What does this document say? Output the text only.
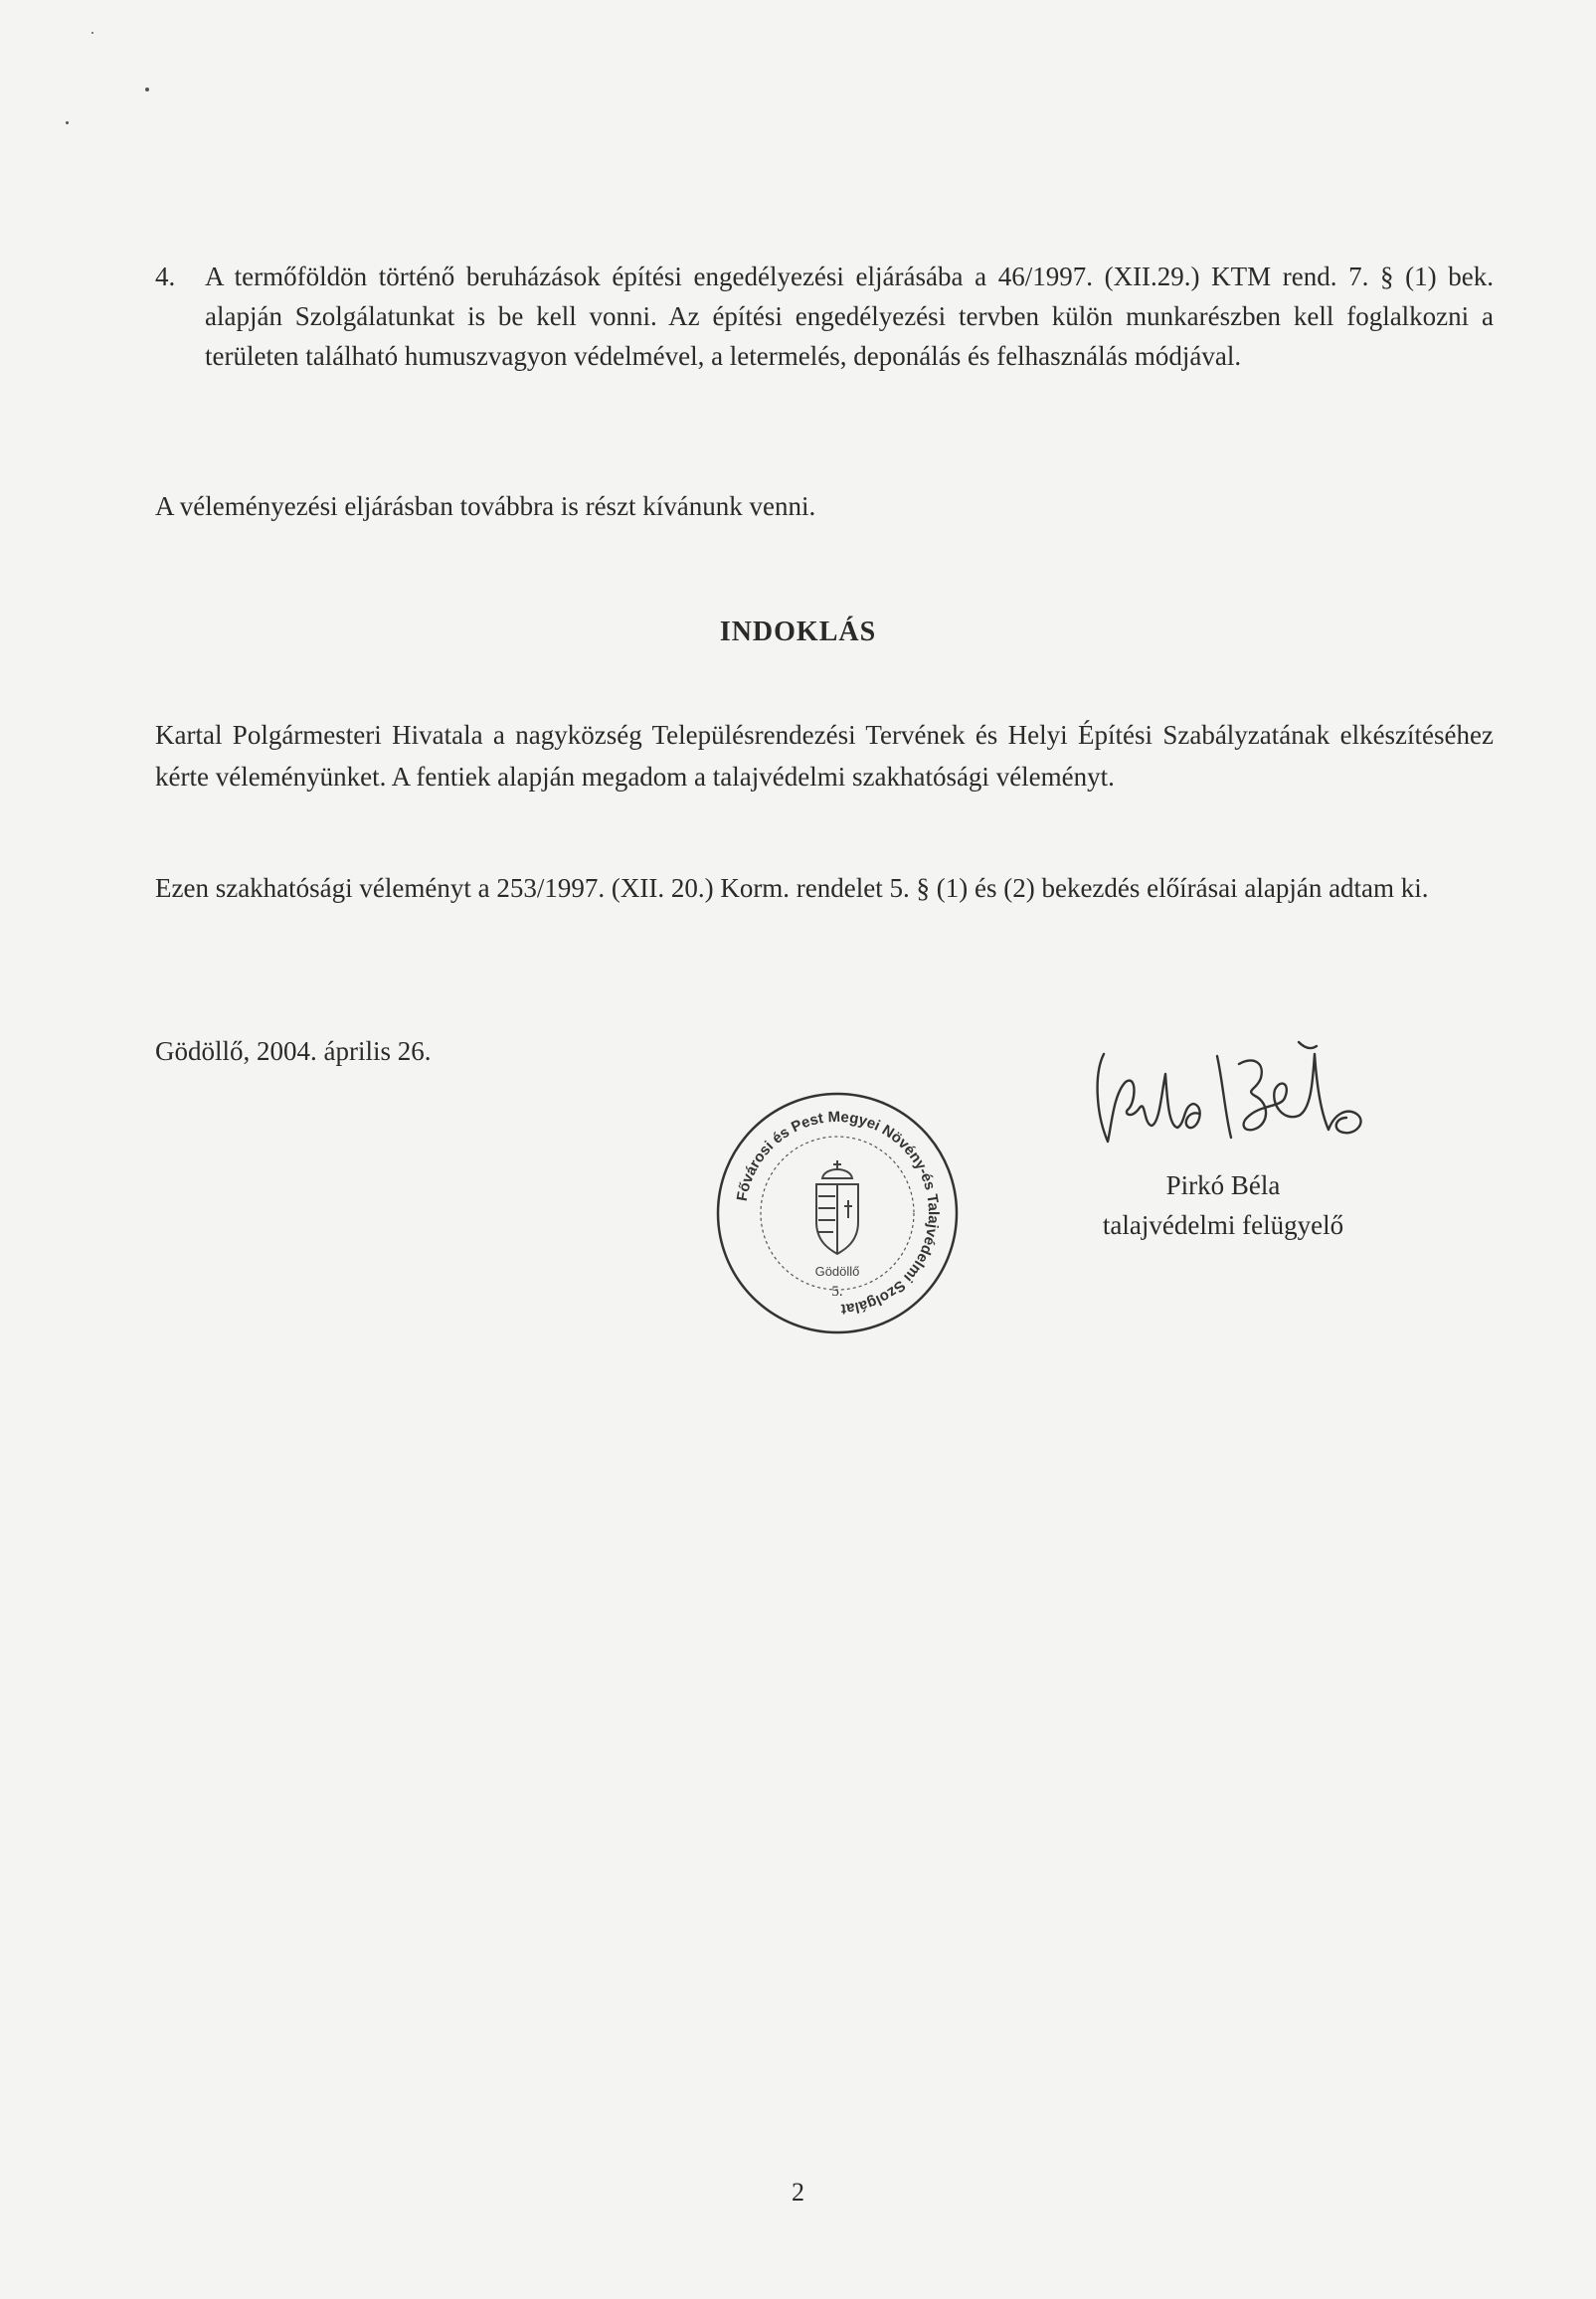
4. A termőföldön történő beruházások építési engedélyezési eljárásába a 46/1997. (XII.29.) KTM rend. 7. § (1) bek. alapján Szolgálatunkat is be kell vonni. Az építési engedélyezési tervben külön munkarészben kell foglalkozni a területen található humuszvagyon védelmével, a letermelés, deponálás és felhasználás módjával.
A véleményezési eljárásban továbbra is részt kívánunk venni.
INDOKLÁS
Kartal Polgármesteri Hivatala a nagyközség Településrendezési Tervének és Helyi Építési Szabályzatának elkészítéséhez kérte véleményünket. A fentiek alapján megadom a talajvédelmi szakhatósági véleményt.
Ezen szakhatósági véleményt a 253/1997. (XII. 20.) Korm. rendelet 5. § (1) és (2) bekezdés előírásai alapján adtam ki.
Gödöllő, 2004. április 26.
Pirkó Béla
talajvédelmi felügyelő
Fővárosi és Pest Megyei Növény-és Talajvédelmi Szolgálat
Gödöllő
5.
2
